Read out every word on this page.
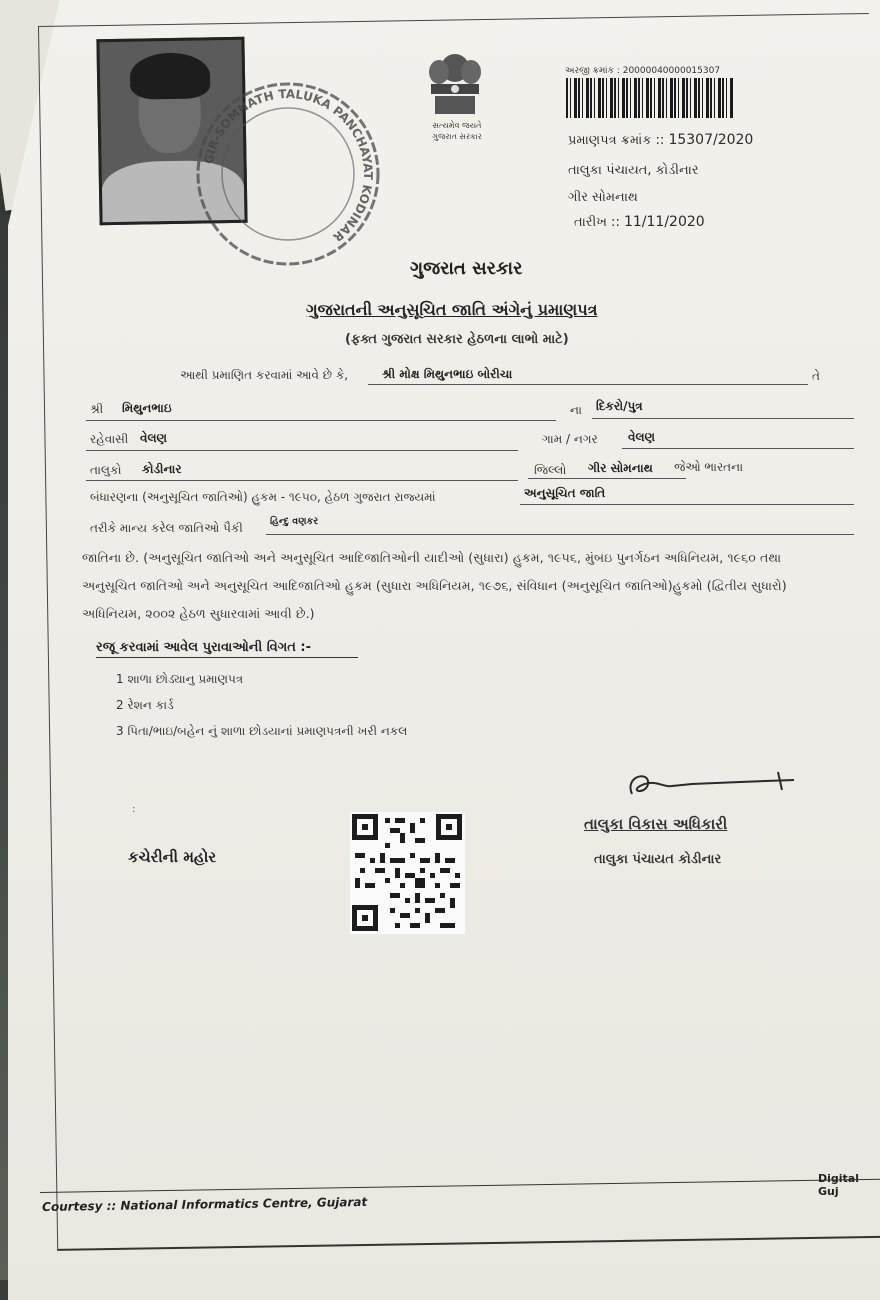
GIR-SOMNATH TALUKA PANCHAYAT KODINAR
સત્યમેવ જયતે
ગુજરાત સરકાર
અરજી ક્રમાંક : 20000040000015307
પ્રમાણપત્ર ક્રમાંક :: 15307/2020
તાલુકા પંચાયત, કોડીનાર
ગીર સોમનાથ
તારીખ :: 11/11/2020
ગુજરાત સરકાર
ગુજરાતની અનુસૂચિત જાતિ અંગેનું પ્રમાણપત્ર
(ફક્ત ગુજરાત સરકાર હેઠળના લાભો માટે)
આથી પ્રમાણિત કરવામાં આવે છે કે,	શ્રી મોક્ષ મિથુનભાઇ બોરીચા	તે
શ્રી મિથુનભાઇ	ના દિકરો/પુત્ર
રહેવાસી વેલણ	ગામ / નગર	વેલણ
તાલુકો કોડીનાર	જિલ્લો ગીર સોમનાથ જેઓ ભારતના
બંધારણના (અનુસૂચિત જાતિઓ) હુકમ - ૧૯૫૦, હેઠળ ગુજરાત રાજ્યમાં	અનુસૂચિત જાતિ
તરીકે માન્ય કરેલ જાતિઓ પૈકી	હિન્દુ વણકર
જાતિના છે. (અનુસૂચિત જાતિઓ અને અનુસૂચિત આદિજાતિઓની યાદીઓ (સુધારા) હુકમ, ૧૯૫૬, મુંબઇ પુનર્ગઠન અધિનિયમ, ૧૯૬૦ તથા
અનુસૂચિત જાતિઓ અને અનુસૂચિત આદિજાતિઓ હુકમ (સુધારા અધિનિયમ, ૧૯૭૬, સંવિધાન (અનુસૂચિત જાતિઓ)હુકમો (દ્વિતીય સુધારો)
અધિનિયમ, ૨૦૦૨ હેઠળ સુધારવામાં આવી છે.)
રજૂ કરવામાં આવેલ પુરાવાઓની વિગત :-
1 શાળા છોડ્યાનુ પ્રમાણપત્ર
2 રેશન કાર્ડ
3 પિતા/ભાઇ/બહેન નું શાળા છોડયાનાં પ્રમાણપત્રની ખરી નકલ
:
તાલુકા વિકાસ અધિકારી
તાલુકા પંચાયત કોડીનાર
કચેરીની મહોર
Digital Guj
Courtesy :: National Informatics Centre, Gujarat
